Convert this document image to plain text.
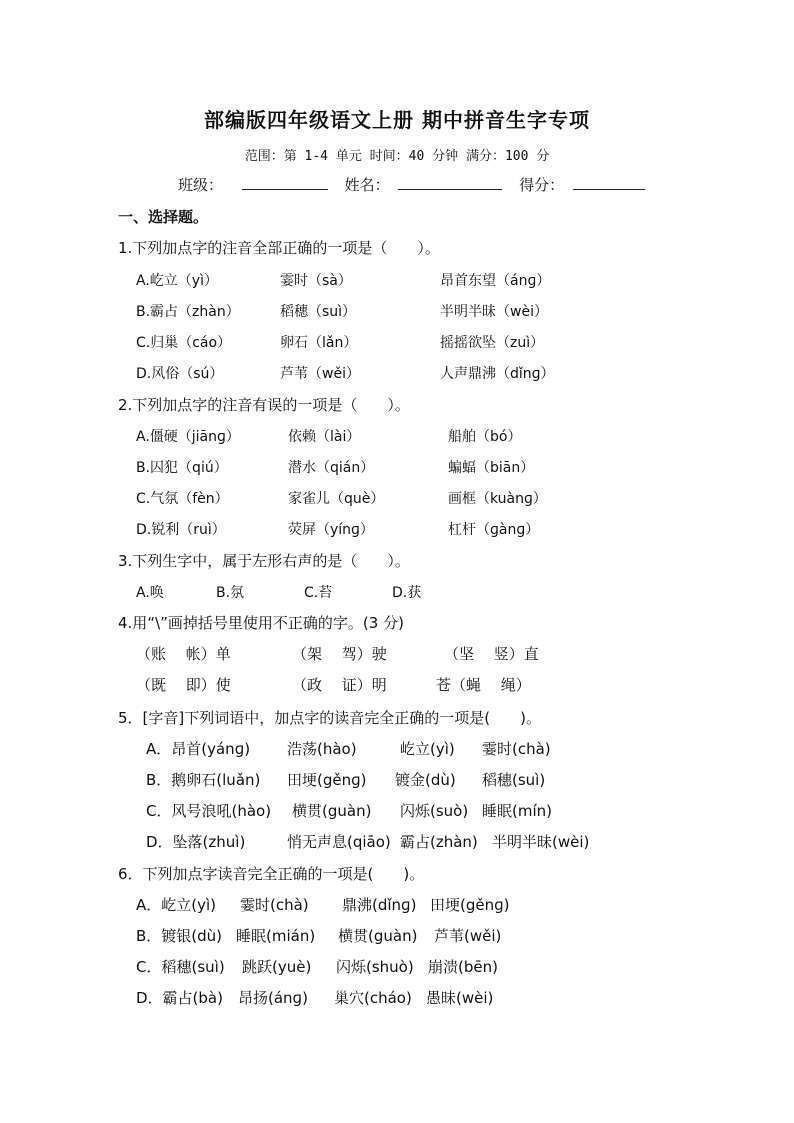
部编版四年级语文上册 期中拼音生字专项
范围：第 1-4 单元 时间：40 分钟 满分：100 分
班级：	姓名：	得分：
一、选择题。
1.下列加点字的注音全部正确的一项是（　　）。
A.屹立（yì）	霎时（sà）	昂首东望（ánɡ）
B.霸占（zhàn）	稻穗（suì）	半明半昧（wèi）
C.归巢（cáo）	卵石（lǎn）	摇摇欲坠（zuì）
D.风俗（sú）	芦苇（wěi）	人声鼎沸（dǐnɡ）
2.下列加点字的注音有误的一项是（　　）。
A.僵硬（jiānɡ）	依赖（lài）	船舶（bó）
B.囚犯（qiú）	潜水（qián）	蝙蝠（biān）
C.气氛（fèn）	家雀儿（què）	画框（kuànɡ）
D.锐利（ruì）	荧屏（yínɡ）	杠杆（ɡànɡ）
3.下列生字中，属于左形右声的是（　　）。
A.唤	B.氛	C.苔	D.获
4.用“\”画掉括号里使用不正确的字。(3 分)
（账　 帐）单	（架　 驾）驶	（坚　 竖）直
（既　 即）使	（政　 证）明	苍（蝇　 绳）
5．[字音]下列词语中，加点字的读音完全正确的一项是(　　)。
A．昂首(yánɡ) 浩荡(hào)	屹立(yì) 霎时(chà)
B．鹅卵石(luǎn) 田埂(gěnɡ) 镀金(dù) 稻穗(suì)
C．风号浪吼(hào) 横贯(guàn) 闪烁(suò) 睡眠(mín)
D．坠落(zhuì)	悄无声息(qiāo) 霸占(zhàn) 半明半昧(wèi)
6．下列加点字读音完全正确的一项是(　　)。
A．屹立(yì) 霎时(chà) 鼎沸(dǐnɡ) 田埂(gěnɡ)
B．镀银(dù) 睡眠(mián) 横贯(guàn) 芦苇(wěi)
C．稻穗(suì) 跳跃(yuè) 闪烁(shuò) 崩溃(bēn)
D．霸占(bà) 昂扬(ánɡ) 巢穴(cháo) 愚昧(wèi)
